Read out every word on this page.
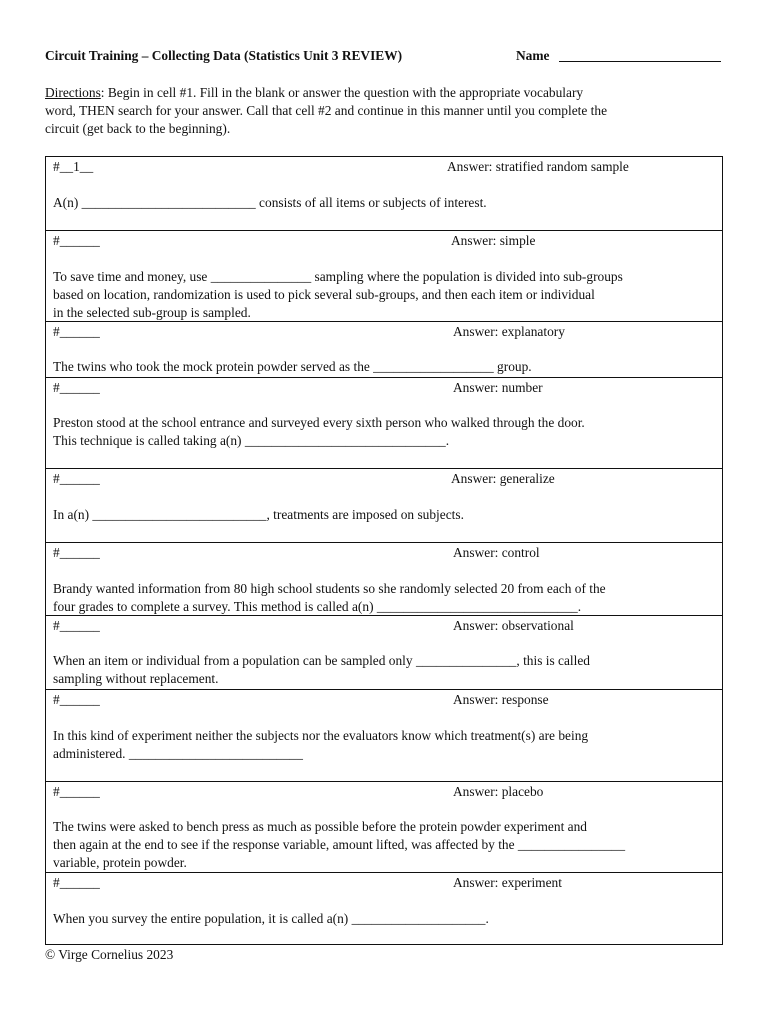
Circuit Training – Collecting Data (Statistics Unit 3 REVIEW)	Name
Directions: Begin in cell #1. Fill in the blank or answer the question with the appropriate vocabulary
word, THEN search for your answer. Call that cell #2 and continue in this manner until you complete the
circuit (get back to the beginning).
#__1__	Answer: stratified random sample
A(n) __________________________ consists of all items or subjects of interest.
#______	Answer: simple
To save time and money, use _______________ sampling where the population is divided into sub-groups
based on location, randomization is used to pick several sub-groups, and then each item or individual
in the selected sub-group is sampled.
#______	Answer: explanatory
The twins who took the mock protein powder served as the __________________ group.
#______	Answer: number
Preston stood at the school entrance and surveyed every sixth person who walked through the door.
This technique is called taking a(n) ______________________________.
#______	Answer: generalize
In a(n) __________________________, treatments are imposed on subjects.
#______	Answer: control
Brandy wanted information from 80 high school students so she randomly selected 20 from each of the
four grades to complete a survey. This method is called a(n) ______________________________.
#______	Answer: observational
When an item or individual from a population can be sampled only _______________, this is called
sampling without replacement.
#______	Answer: response
In this kind of experiment neither the subjects nor the evaluators know which treatment(s) are being
administered. __________________________
#______	Answer: placebo
The twins were asked to bench press as much as possible before the protein powder experiment and
then again at the end to see if the response variable, amount lifted, was affected by the ________________
variable, protein powder.
#______	Answer: experiment
When you survey the entire population, it is called a(n) ____________________.
© Virge Cornelius 2023
